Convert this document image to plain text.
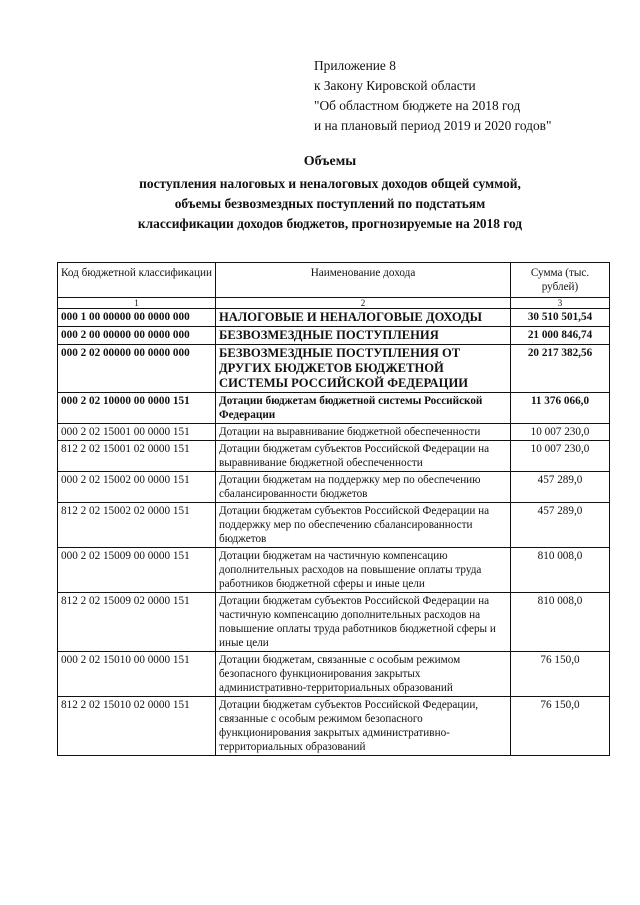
Приложение 8
к Закону Кировской области
"Об областном бюджете на 2018 год
и на плановый период 2019 и 2020 годов"
Объемы
поступления налоговых и неналоговых доходов общей суммой,
объемы безвозмездных поступлений по подстатьям
классификации доходов бюджетов, прогнозируемые на 2018 год
Код бюджетной классификации	Наименование дохода	Сумма (тыс. рублей)
1	2	3
000 1 00 00000 00 0000 000	НАЛОГОВЫЕ И НЕНАЛОГОВЫЕ ДОХОДЫ	30 510 501,54
000 2 00 00000 00 0000 000	БЕЗВОЗМЕЗДНЫЕ ПОСТУПЛЕНИЯ	21 000 846,74
000 2 02 00000 00 0000 000	БЕЗВОЗМЕЗДНЫЕ ПОСТУПЛЕНИЯ ОТ ДРУГИХ БЮДЖЕТОВ БЮДЖЕТНОЙ СИСТЕМЫ РОССИЙСКОЙ ФЕДЕРАЦИИ	20 217 382,56
000 2 02 10000 00 0000 151	Дотации бюджетам бюджетной системы Российской Федерации	11 376 066,0
000 2 02 15001 00 0000 151	Дотации на выравнивание бюджетной обеспеченности	10 007 230,0
812 2 02 15001 02 0000 151	Дотации бюджетам субъектов Российской Федерации на выравнивание бюджетной обеспеченности	10 007 230,0
000 2 02 15002 00 0000 151	Дотации бюджетам на поддержку мер по обеспечению сбалансированности бюджетов	457 289,0
812 2 02 15002 02 0000 151	Дотации бюджетам субъектов Российской Федерации на поддержку мер по обеспечению сбалансированности бюджетов	457 289,0
000 2 02 15009 00 0000 151	Дотации бюджетам на частичную компенсацию дополнительных расходов на повышение оплаты труда работников бюджетной сферы и иные цели	810 008,0
812 2 02 15009 02 0000 151	Дотации бюджетам субъектов Российской Федерации на частичную компенсацию дополнительных расходов на повышение оплаты труда работников бюджетной сферы и иные цели	810 008,0
000 2 02 15010 00 0000 151	Дотации бюджетам, связанные с особым режимом безопасного функционирования закрытых административно-территориальных образований	76 150,0
812 2 02 15010 02 0000 151	Дотации бюджетам субъектов Российской Федерации, связанные с особым режимом безопасного функционирования закрытых административно-территориальных образований	76 150,0
